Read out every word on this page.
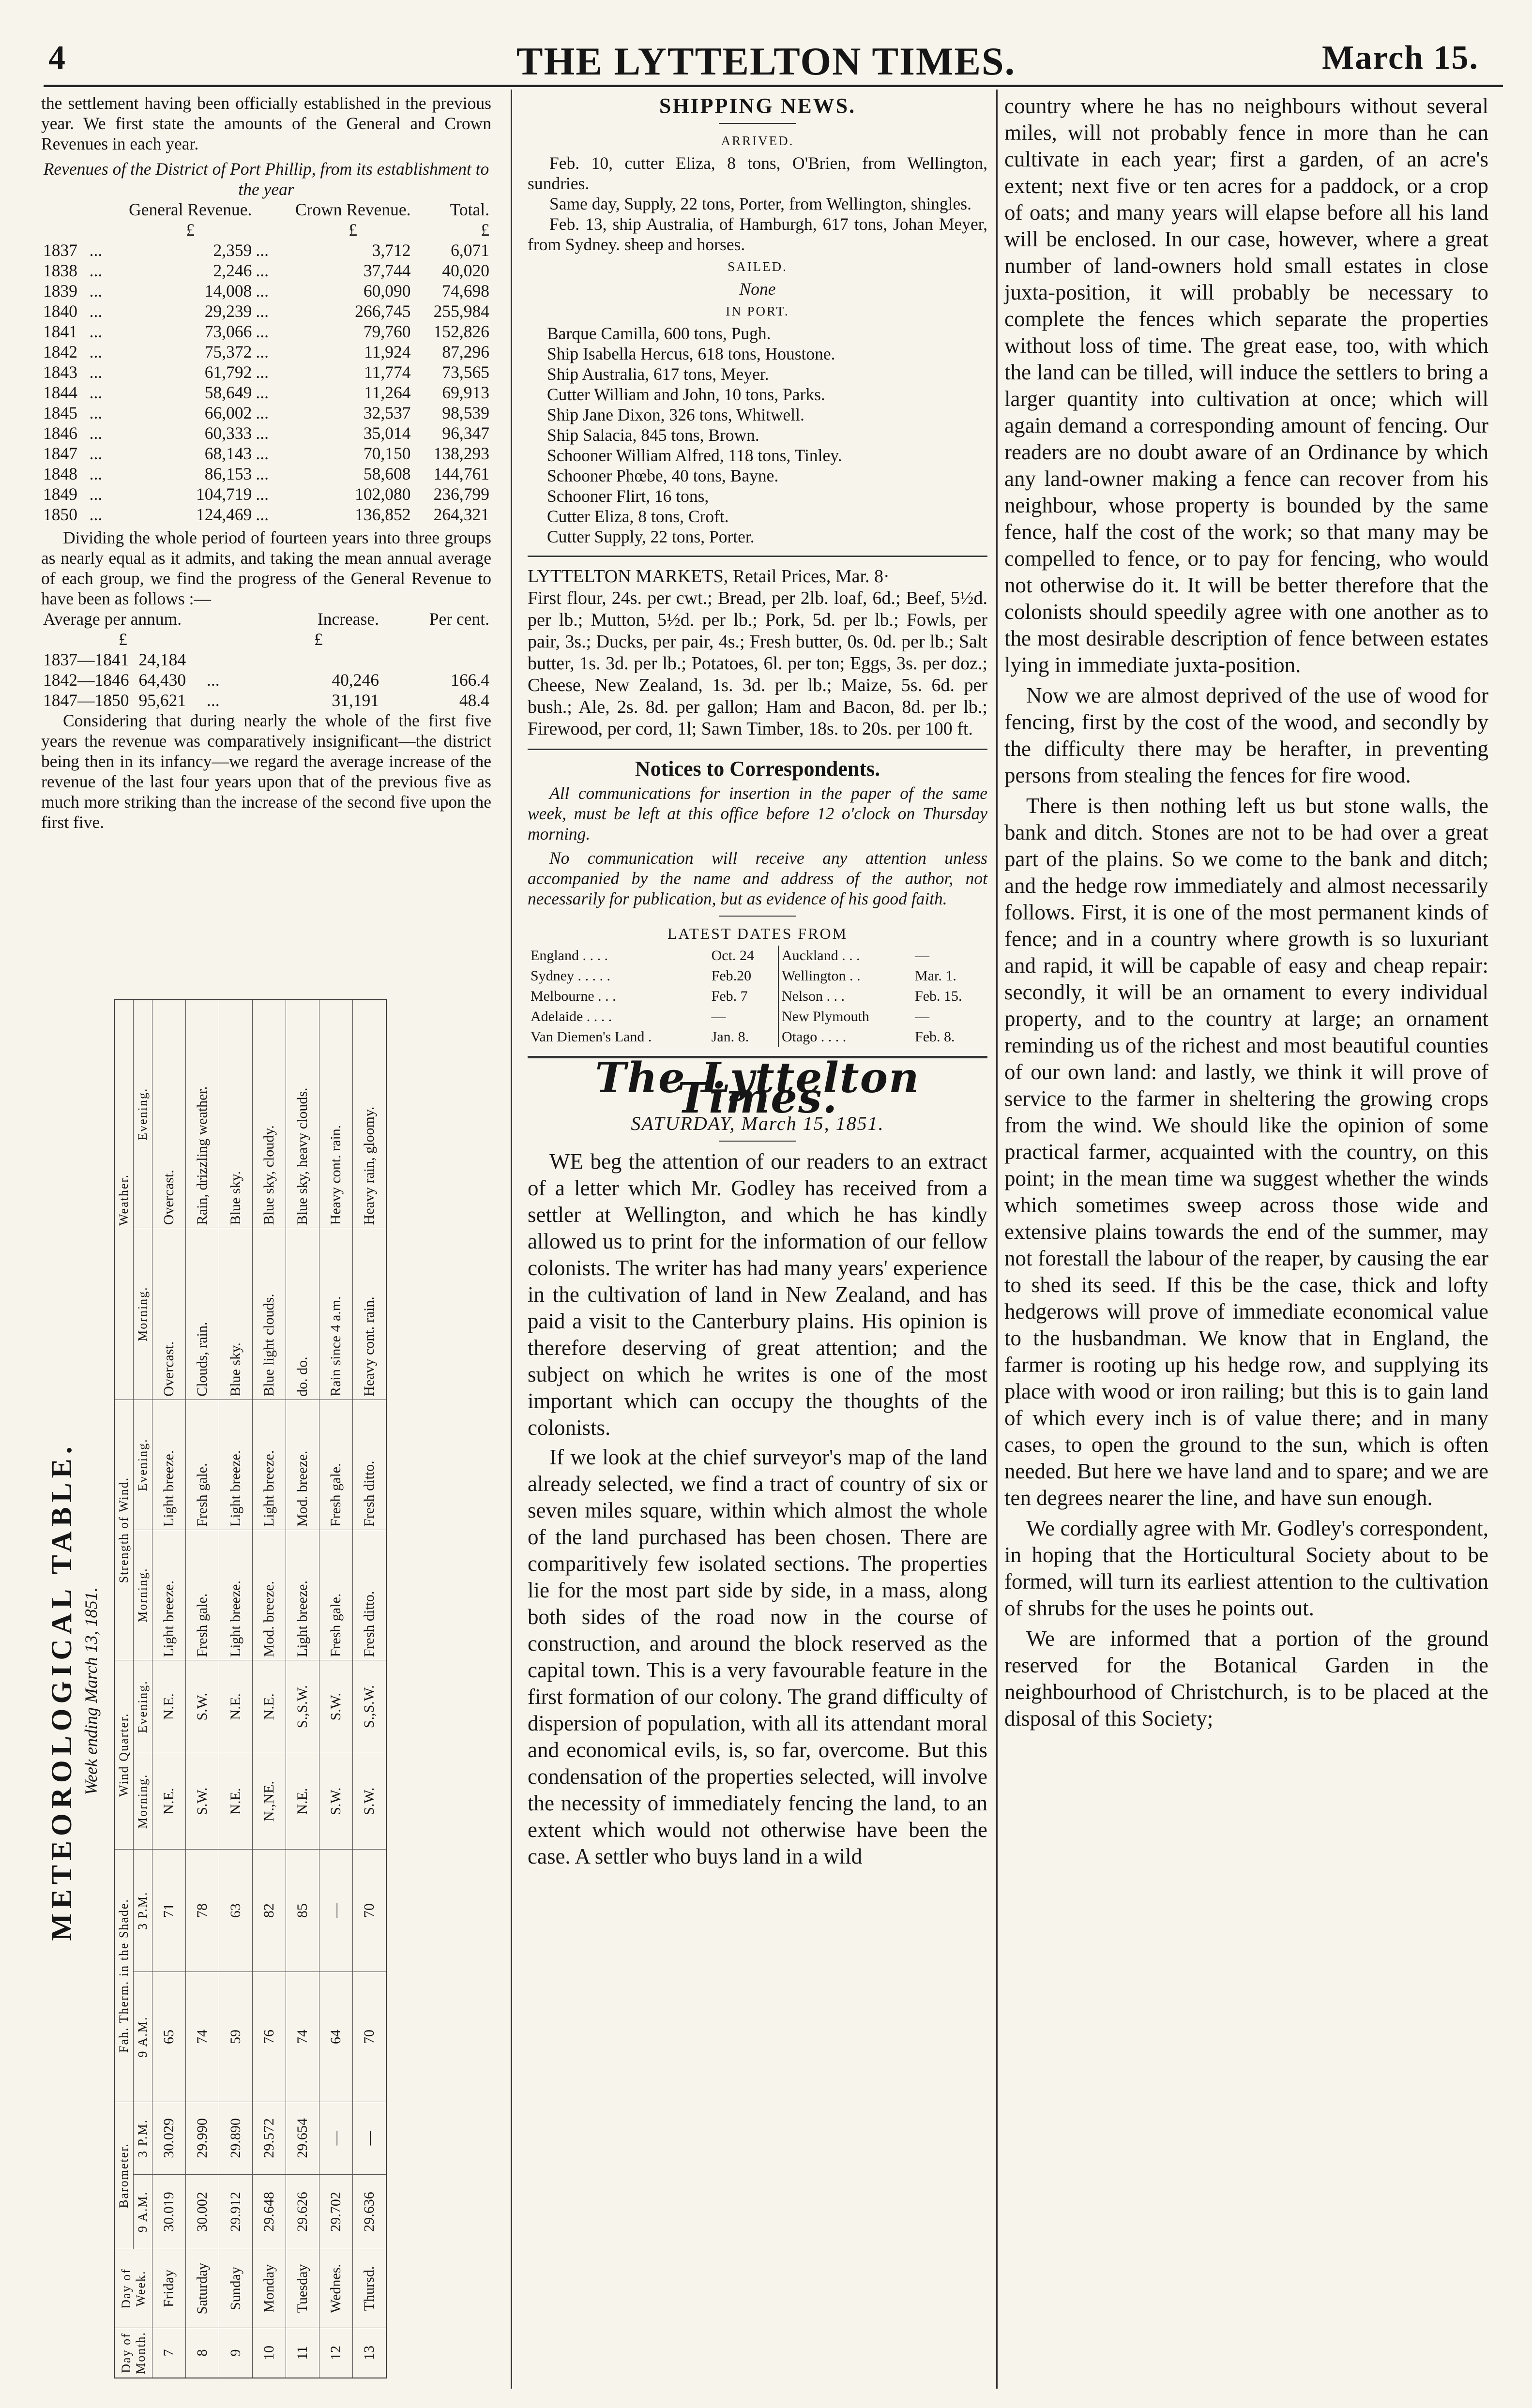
4	THE LYTTELTON TIMES.	March 15.

the settlement having been officially established in the previous year. We first state the amounts of the General and Crown Revenues in each year.

Revenues of the District of Port Phillip, from its establishment to the year

		General Revenue.		Crown Revenue.	Total.
		£		£	£
1837	...	2,359	...	3,712	6,071
1838	...	2,246	...	37,744	40,020
1839	...	14,008	...	60,090	74,698
1840	...	29,239	...	266,745	255,984
1841	...	73,066	...	79,760	152,826
1842	...	75,372	...	11,924	87,296
1843	...	61,792	...	11,774	73,565
1844	...	58,649	...	11,264	69,913
1845	...	66,002	...	32,537	98,539
1846	...	60,333	...	35,014	96,347
1847	...	68,143	...	70,150	138,293
1848	...	86,153	...	58,608	144,761
1849	...	104,719	...	102,080	236,799
1850	...	124,469	...	136,852	264,321

Dividing the whole period of fourteen years into three groups as nearly equal as it admits, and taking the mean annual average of each group, we find the progress of the General Revenue to have been as follows :—

Average per annum.		Increase.	Per cent.
£		£	
1837—1841 24,184			
1842—1846 64,430	...	40,246	166.4
1847—1850 95,621	...	31,191	48.4

Considering that during nearly the whole of the first five years the revenue was comparatively insignificant—the district being then in its infancy—we regard the average increase of the revenue of the last four years upon that of the previous five as much more striking than the increase of the second five upon the first five.

METEOROLOGICAL TABLE. Week ending March 13, 1851.
Day of Month.	Day of Week.	Barometer.		Fah. Therm. in the Shade.		Wind Quarter.		Strength of Wind.		Weather.	
		9 A.M.	3 P.M.	9 A.M.	3 P.M.	Morning.	Evening.	Morning.	Evening.	Morning.	Evening.
7	Friday	30.019	30.029	65	71	N.E.	N.E.	Light breeze.	Light breeze.	Overcast.	Overcast.
8	Saturday	30.002	29.990	74	78	S.W.	S.W.	Fresh gale.	Fresh gale.	Clouds, rain.	Rain, drizzling weather.
9	Sunday	29.912	29.890	59	63	N.E.	N.E.	Light breeze.	Light breeze.	Blue sky.	Blue sky.
10	Monday	29.648	29.572	76	82	N.,NE.	N.E.	Mod. breeze.	Light breeze.	Blue light clouds.	Blue sky, cloudy.
11	Tuesday	29.626	29.654	74	85	N.E.	S.,S.W.	Light breeze.	Mod. breeze.	do. do.	Blue sky, heavy clouds.
12	Wednes.	29.702	—	64	—	S.W.	S.W.	Fresh gale.	Fresh gale.	Rain since 4 a.m.	Heavy cont. rain.
13	Thursd.	29.636	—	70	70	S.W.	S.,S.W.	Fresh ditto.	Fresh ditto.	Heavy cont. rain.	Heavy rain, gloomy.
SHIPPING NEWS.
ARRIVED.

Feb. 10, cutter Eliza, 8 tons, O'Brien, from Wellington, sundries.

Same day, Supply, 22 tons, Porter, from Wellington, shingles.

Feb. 13, ship Australia, of Hamburgh, 617 tons, Johan Meyer, from Sydney. sheep and horses.

SAILED.
None
IN PORT.

Barque Camilla, 600 tons, Pugh.

Ship Isabella Hercus, 618 tons, Houstone.

Ship Australia, 617 tons, Meyer.

Cutter William and John, 10 tons, Parks.

Ship Jane Dixon, 326 tons, Whitwell.

Ship Salacia, 845 tons, Brown.

Schooner William Alfred, 118 tons, Tinley.

Schooner Phœbe, 40 tons, Bayne.

Schooner Flirt, 16 tons,

Cutter Eliza, 8 tons, Croft.

Cutter Supply, 22 tons, Porter.

LYTTELTON MARKETS, Retail Prices, Mar. 8·

First flour, 24s. per cwt.; Bread, per 2lb. loaf, 6d.; Beef, 5½d. per lb.; Mutton, 5½d. per lb.; Pork, 5d. per lb.; Fowls, per pair, 3s.; Ducks, per pair, 4s.; Fresh butter, 0s. 0d. per lb.; Salt butter, 1s. 3d. per lb.; Potatoes, 6l. per ton; Eggs, 3s. per doz.; Cheese, New Zealand, 1s. 3d. per lb.; Maize, 5s. 6d. per bush.; Ale, 2s. 8d. per gallon; Ham and Bacon, 8d. per lb.; Firewood, per cord, 1l; Sawn Timber, 18s. to 20s. per 100 ft.

Notices to Correspondents.

All communications for insertion in the paper of the same week, must be left at this office before 12 o'clock on Thursday morning.

No communication will receive any attention unless accompanied by the name and address of the author, not necessarily for publication, but as evidence of his good faith.

LATEST DATES FROM
England . . . .	Oct. 24	Auckland . . .	—
Sydney . . . . .	Feb.20	Wellington . .	Mar. 1.
Melbourne . . .	Feb. 7	Nelson . . .	Feb. 15.
Adelaide . . . .	—	New Plymouth	—
Van Diemen's Land .	Jan. 8.	Otago . . . .	Feb. 8.
The Lyttelton Times.
SATURDAY, March 15, 1851.

WE beg the attention of our readers to an extract of a letter which Mr. Godley has received from a settler at Wellington, and which he has kindly allowed us to print for the information of our fellow colonists. The writer has had many years' experience in the cultivation of land in New Zealand, and has paid a visit to the Canterbury plains. His opinion is therefore deserving of great attention; and the subject on which he writes is one of the most important which can occupy the thoughts of the colonists.

If we look at the chief surveyor's map of the land already selected, we find a tract of country of six or seven miles square, within which almost the whole of the land purchased has been chosen. There are comparitively few isolated sections. The properties lie for the most part side by side, in a mass, along both sides of the road now in the course of construction, and around the block reserved as the capital town. This is a very favourable feature in the first formation of our colony. The grand difficulty of dispersion of population, with all its attendant moral and economical evils, is, so far, overcome. But this condensation of the properties selected, will involve the necessity of immediately fencing the land, to an extent which would not otherwise have been the case. A settler who buys land in a wild

country where he has no neighbours without several miles, will not probably fence in more than he can cultivate in each year; first a garden, of an acre's extent; next five or ten acres for a paddock, or a crop of oats; and many years will elapse before all his land will be enclosed. In our case, however, where a great number of land-owners hold small estates in close juxta-position, it will probably be necessary to complete the fences which separate the properties without loss of time. The great ease, too, with which the land can be tilled, will induce the settlers to bring a larger quantity into cultivation at once; which will again demand a corresponding amount of fencing. Our readers are no doubt aware of an Ordinance by which any land-owner making a fence can recover from his neighbour, whose property is bounded by the same fence, half the cost of the work; so that many may be compelled to fence, or to pay for fencing, who would not otherwise do it. It will be better therefore that the colonists should speedily agree with one another as to the most desirable description of fence between estates lying in immediate juxta-position.

Now we are almost deprived of the use of wood for fencing, first by the cost of the wood, and secondly by the difficulty there may be herafter, in preventing persons from stealing the fences for fire wood.

There is then nothing left us but stone walls, the bank and ditch. Stones are not to be had over a great part of the plains. So we come to the bank and ditch; and the hedge row immediately and almost necessarily follows. First, it is one of the most permanent kinds of fence; and in a country where growth is so luxuriant and rapid, it will be capable of easy and cheap repair: secondly, it will be an ornament to every individual property, and to the country at large; an ornament reminding us of the richest and most beautiful counties of our own land: and lastly, we think it will prove of service to the farmer in sheltering the growing crops from the wind. We should like the opinion of some practical farmer, acquainted with the country, on this point; in the mean time wa suggest whether the winds which sometimes sweep across those wide and extensive plains towards the end of the summer, may not forestall the labour of the reaper, by causing the ear to shed its seed. If this be the case, thick and lofty hedgerows will prove of immediate economical value to the husbandman. We know that in England, the farmer is rooting up his hedge row, and supplying its place with wood or iron railing; but this is to gain land of which every inch is of value there; and in many cases, to open the ground to the sun, which is often needed. But here we have land and to spare; and we are ten degrees nearer the line, and have sun enough.

We cordially agree with Mr. Godley's correspondent, in hoping that the Horticultural Society about to be formed, will turn its earliest attention to the cultivation of shrubs for the uses he points out.

We are informed that a portion of the ground reserved for the Botanical Garden in the neighbourhood of Christchurch, is to be placed at the disposal of this Society;
